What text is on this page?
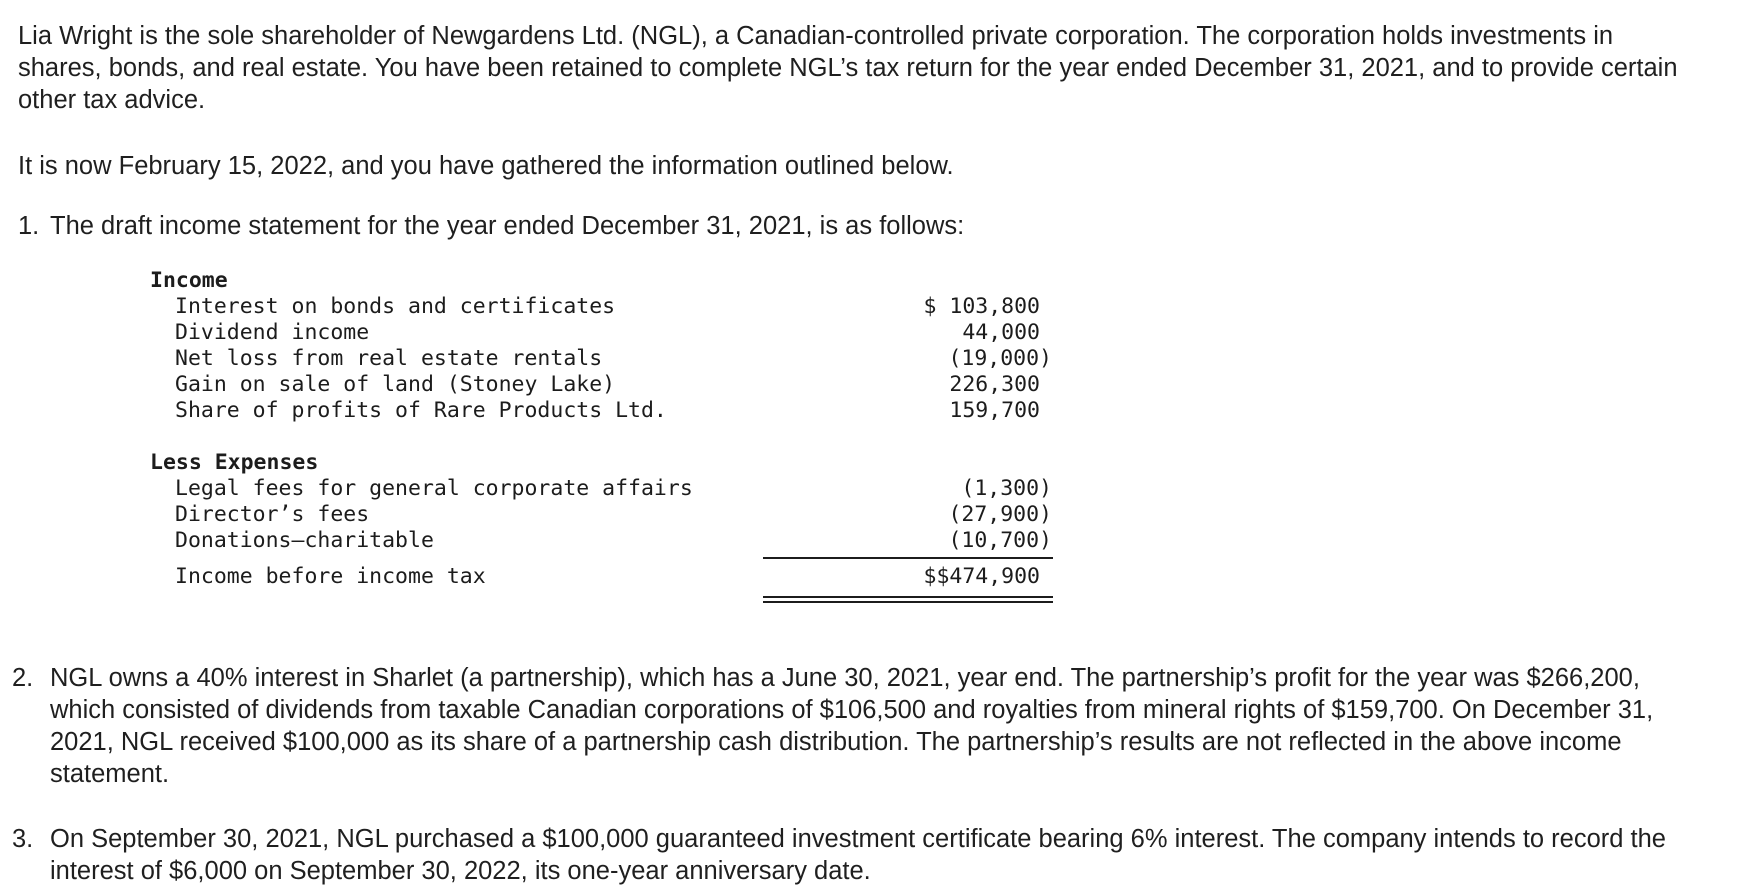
Lia Wright is the sole shareholder of Newgardens Ltd. (NGL), a Canadian-controlled private corporation. The corporation holds investments in shares, bonds, and real estate. You have been retained to complete NGL’s tax return for the year ended December 31, 2021, and to provide certain other tax advice.

It is now February 15, 2022, and you have gathered the information outlined below.

1. The draft income statement for the year ended December 31, 2021, is as follows:
Income
Interest on bonds and certificates	$ 103,800
Dividend income	44,000
Net loss from real estate rentals	(19,000)
Gain on sale of land (Stoney Lake)	226,300
Share of profits of Rare Products Ltd.	159,700
Less Expenses
Legal fees for general corporate affairs	(1,300)
Director’s fees	(27,900)
Donations—charitable	(10,700)
Income before income tax	$$474,900
2. NGL owns a 40% interest in Sharlet (a partnership), which has a June 30, 2021, year end. The partnership’s profit for the year was $266,200, which consisted of dividends from taxable Canadian corporations of $106,500 and royalties from mineral rights of $159,700. On December 31, 2021, NGL received $100,000 as its share of a partnership cash distribution. The partnership’s results are not reflected in the above income statement.
3. On September 30, 2021, NGL purchased a $100,000 guaranteed investment certificate bearing 6% interest. The company intends to record the interest of $6,000 on September 30, 2022, its one-year anniversary date.
